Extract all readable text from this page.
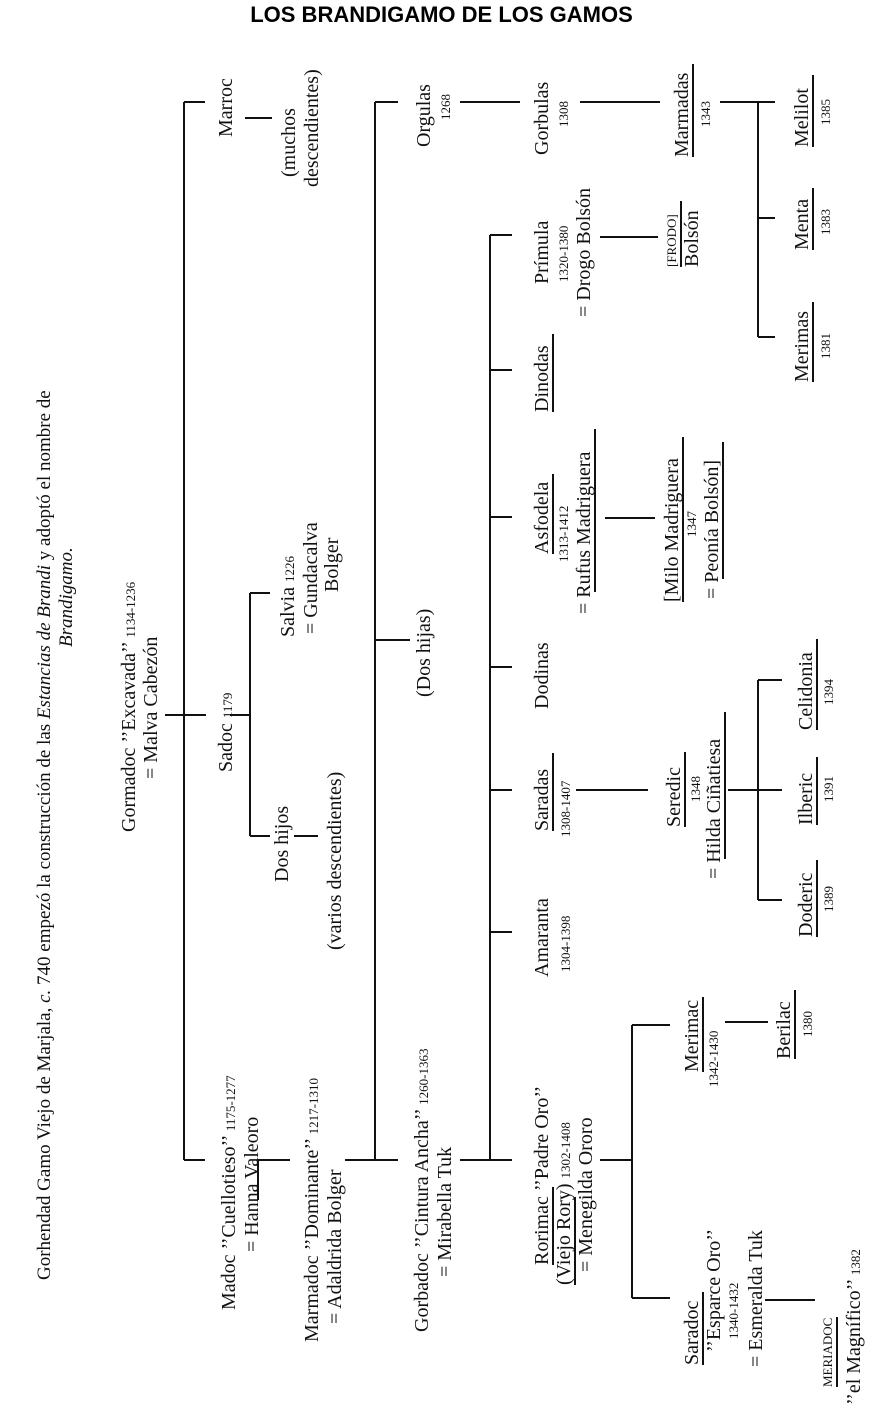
LOS BRANDIGAMO DE LOS GAMOS
Gorhendad Gamo Viejo de Marjala, c. 740 empezó la construcción de las Estancias de Brandi y adoptó el nombre de
Brandigamo.
Gormadoc ’’Excavada’’ 1134-1236
= Malva Cabezón
Madoc ’’Cuellotieso’’ 1175-1277
= Hanna Valeoro Marmadoc ’’Dominante’’ 1217-1310
= Adaldrida Bolger	Gorbadoc ’’Cintura Ancha’’ 1260-1363
= Mirabella Tuk
Marroc
(muchos descendientes)
Sadoc 1179
Salvia 1226 = Gundacalva Bolger
Dos hijos (varios descendientes)
(Dos hijas)
Orgulas 1268	Gorbulas 1308	Marmadas 1343	Melilot 1385
Menta 1383
Merimas 1381
Prímula 1320-1380 = Drogo Bolsón	[FRODO] Bolsón
Dinodas
Asfodela 1313-1412 = Rufus Madriguera	[Milo Madriguera 1347 = Peonía Bolsón]
Dodinas
Saradas 1308-1407	Seredic 1348 = Hilda Ciñatiesa
Doderic 1389
Ilberic 1391
Celidonia 1394
Amaranta 1304-1398
Rorimac ’’Padre Oro’’ (Viejo Rory) 1302-1408 = Menegilda Ororo
Merimac 1342-1430	Berilac 1380
Saradoc ’’Esparce Oro’’ 1340-1432 = Esmeralda Tuk	MERIADOC ’’el Magnífico’’ 1382
